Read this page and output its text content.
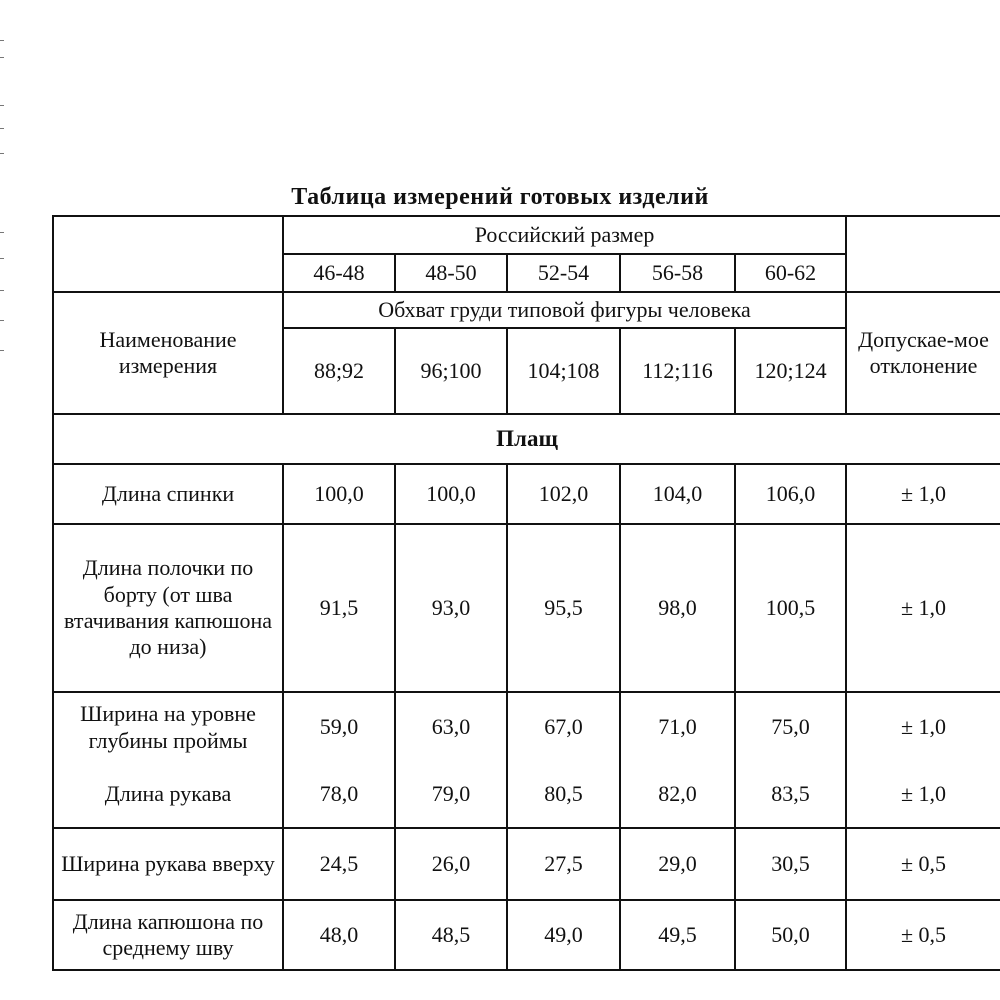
Таблица измерений готовых изделий
	Российский размер					
	46-48	48-50	52-54	56-58	60-62	
Наименование измерения	Обхват груди типовой фигуры человека					Допускае-мое отклонение
	88;92	96;100	104;108	112;116	120;124	
Плащ						
Длина спинки	100,0	100,0	102,0	104,0	106,0	± 1,0
Длина полочки по борту (от шва втачивания капюшона до низа)	91,5	93,0	95,5	98,0	100,5	± 1,0
Ширина на уровне глубины проймы	59,0	63,0	67,0	71,0	75,0	± 1,0
Длина рукава	78,0	79,0	80,5	82,0	83,5	± 1,0
Ширина рукава вверху	24,5	26,0	27,5	29,0	30,5	± 0,5
Длина капюшона по среднему шву	48,0	48,5	49,0	49,5	50,0	± 0,5
